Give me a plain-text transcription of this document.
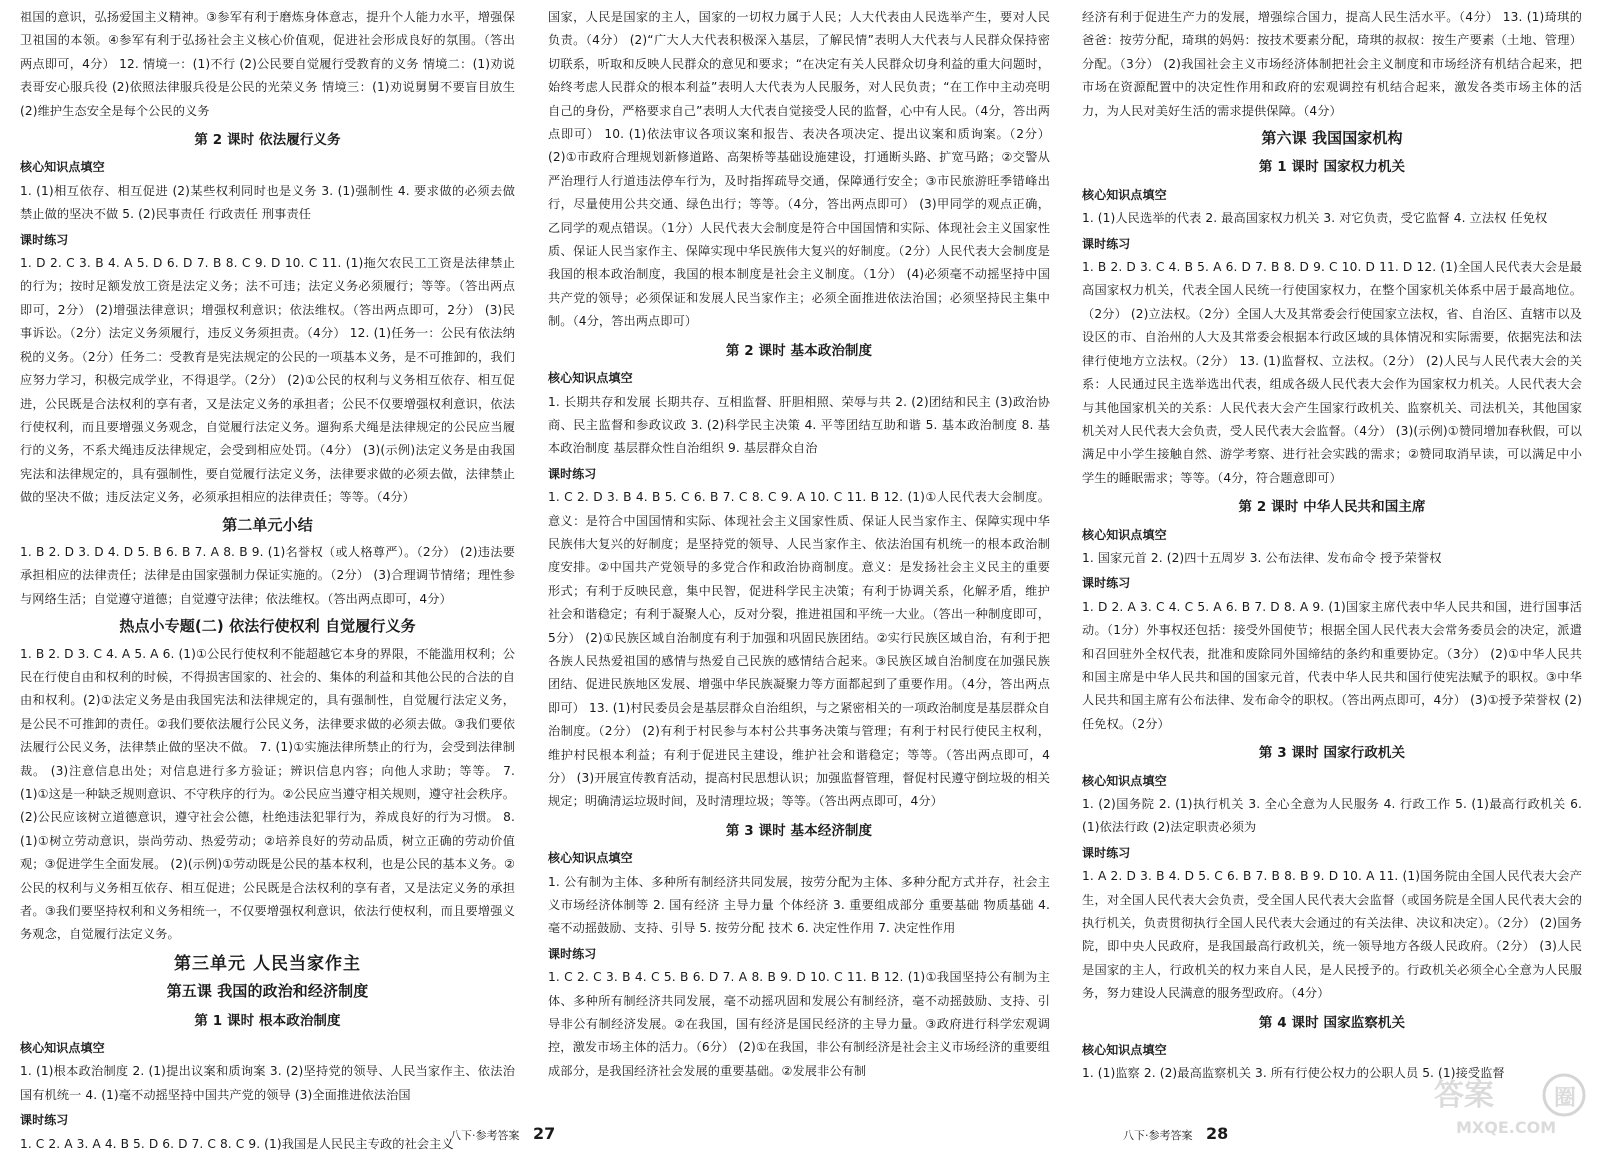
祖国的意识，弘扬爱国主义精神。③参军有利于磨炼身体意志，提升个人能力水平，增强保卫祖国的本领。④参军有利于弘扬社会主义核心价值观，促进社会形成良好的氛围。（答出两点即可，4分） 12. 情境一：(1)不行 (2)公民要自觉履行受教育的义务 情境二：(1)劝说表哥安心服兵役 (2)依照法律服兵役是公民的光荣义务 情境三：(1)劝说舅舅不要盲目放生 (2)维护生态安全是每个公民的义务
第 2 课时 依法履行义务
核心知识点填空
1. (1)相互依存、相互促进 (2)某些权利同时也是义务 3. (1)强制性 4. 要求做的必须去做 禁止做的坚决不做 5. (2)民事责任 行政责任 刑事责任
课时练习
1. D 2. C 3. B 4. A 5. D 6. D 7. B 8. C 9. D 10. C 11. (1)拖欠农民工工资是法律禁止的行为；按时足额发放工资是法定义务；法不可违；法定义务必须履行；等等。（答出两点即可，2分） (2)增强法律意识；增强权利意识；依法维权。（答出两点即可，2分） (3)民事诉讼。（2分）法定义务须履行，违反义务须担责。（4分） 12. (1)任务一：公民有依法纳税的义务。（2分）任务二：受教育是宪法规定的公民的一项基本义务，是不可推卸的，我们应努力学习，积极完成学业，不得退学。（2分） (2)①公民的权利与义务相互依存、相互促进，公民既是合法权利的享有者，又是法定义务的承担者；公民不仅要增强权利意识，依法行使权利，而且要增强义务观念，自觉履行法定义务。遛狗系犬绳是法律规定的公民应当履行的义务，不系犬绳违反法律规定，会受到相应处罚。（4分） (3)(示例)法定义务是由我国宪法和法律规定的，具有强制性，要自觉履行法定义务，法律要求做的必须去做，法律禁止做的坚决不做；违反法定义务，必须承担相应的法律责任；等等。（4分）
第二单元小结
1. B 2. D 3. D 4. D 5. B 6. B 7. A 8. B 9. (1)名誉权（或人格尊严）。（2分） (2)违法要承担相应的法律责任；法律是由国家强制力保证实施的。（2分） (3)合理调节情绪；理性参与网络生活；自觉遵守道德；自觉遵守法律；依法维权。（答出两点即可，4分）
热点小专题(二) 依法行使权利 自觉履行义务
1. B 2. D 3. C 4. A 5. A 6. (1)①公民行使权利不能超越它本身的界限，不能滥用权利；公民在行使自由和权利的时候，不得损害国家的、社会的、集体的利益和其他公民的合法的自由和权利。(2)①法定义务是由我国宪法和法律规定的，具有强制性，自觉履行法定义务，是公民不可推卸的责任。②我们要依法履行公民义务，法律要求做的必须去做。③我们要依法履行公民义务，法律禁止做的坚决不做。 7. (1)①实施法律所禁止的行为，会受到法律制裁。 (3)注意信息出处；对信息进行多方验证；辨识信息内容；向他人求助；等等。 7. (1)①这是一种缺乏规则意识、不守秩序的行为。②公民应当遵守相关规则，遵守社会秩序。 (2)公民应该树立道德意识，遵守社会公德，杜绝违法犯罪行为，养成良好的行为习惯。 8. (1)①树立劳动意识，崇尚劳动、热爱劳动；②培养良好的劳动品质，树立正确的劳动价值观；③促进学生全面发展。 (2)(示例)①劳动既是公民的基本权利，也是公民的基本义务。②公民的权利与义务相互依存、相互促进；公民既是合法权利的享有者，又是法定义务的承担者。③我们要坚持权利和义务相统一，不仅要增强权利意识，依法行使权利，而且要增强义务观念，自觉履行法定义务。
第三单元 人民当家作主
第五课 我国的政治和经济制度
第 1 课时 根本政治制度
核心知识点填空
1. (1)根本政治制度 2. (1)提出议案和质询案 3. (2)坚持党的领导、人民当家作主、依法治国有机统一 4. (1)毫不动摇坚持中国共产党的领导 (3)全面推进依法治国
课时练习
1. C 2. A 3. A 4. B 5. D 6. D 7. C 8. C 9. (1)我国是人民民主专政的社会主义
国家，人民是国家的主人，国家的一切权力属于人民；人大代表由人民选举产生，要对人民负责。（4分） (2)“广大人大代表积极深入基层，了解民情”表明人大代表与人民群众保持密切联系，听取和反映人民群众的意见和要求；“在决定有关人民群众切身利益的重大问题时，始终考虑人民群众的根本利益”表明人大代表为人民服务，对人民负责；“在工作中主动亮明自己的身份，严格要求自己”表明人大代表自觉接受人民的监督，心中有人民。（4分，答出两点即可） 10. (1)依法审议各项议案和报告、表决各项决定、提出议案和质询案。（2分） (2)①市政府合理规划新修道路、高架桥等基础设施建设，打通断头路、扩宽马路；②交警从严治理行人行道违法停车行为，及时指挥疏导交通，保障通行安全；③市民旅游旺季错峰出行，尽量使用公共交通、绿色出行；等等。（4分，答出两点即可） (3)甲同学的观点正确，乙同学的观点错误。（1分）人民代表大会制度是符合中国国情和实际、体现社会主义国家性质、保证人民当家作主、保障实现中华民族伟大复兴的好制度。（2分）人民代表大会制度是我国的根本政治制度，我国的根本制度是社会主义制度。（1分） (4)必须毫不动摇坚持中国共产党的领导；必须保证和发展人民当家作主；必须全面推进依法治国；必须坚持民主集中制。（4分，答出两点即可）
第 2 课时 基本政治制度
核心知识点填空
1. 长期共存和发展 长期共存、互相监督、肝胆相照、荣辱与共 2. (2)团结和民主 (3)政治协商、民主监督和参政议政 3. (2)科学民主决策 4. 平等团结互助和谐 5. 基本政治制度 8. 基本政治制度 基层群众性自治组织 9. 基层群众自治
课时练习
1. C 2. D 3. B 4. B 5. C 6. B 7. C 8. C 9. A 10. C 11. B 12. (1)①人民代表大会制度。意义：是符合中国国情和实际、体现社会主义国家性质、保证人民当家作主、保障实现中华民族伟大复兴的好制度；是坚持党的领导、人民当家作主、依法治国有机统一的根本政治制度安排。②中国共产党领导的多党合作和政治协商制度。意义：是发扬社会主义民主的重要形式；有利于反映民意，集中民智，促进科学民主决策；有利于协调关系，化解矛盾，维护社会和谐稳定；有利于凝聚人心，反对分裂，推进祖国和平统一大业。（答出一种制度即可，5分） (2)①民族区域自治制度有利于加强和巩固民族团结。②实行民族区域自治，有利于把各族人民热爱祖国的感情与热爱自己民族的感情结合起来。③民族区域自治制度在加强民族团结、促进民族地区发展、增强中华民族凝聚力等方面都起到了重要作用。（4分，答出两点即可） 13. (1)村民委员会是基层群众自治组织，与之紧密相关的一项政治制度是基层群众自治制度。（2分） (2)有利于村民参与本村公共事务决策与管理；有利于村民行使民主权利，维护村民根本利益；有利于促进民主建设，维护社会和谐稳定；等等。（答出两点即可，4分） (3)开展宣传教育活动，提高村民思想认识；加强监督管理，督促村民遵守倒垃圾的相关规定；明确清运垃圾时间，及时清理垃圾；等等。（答出两点即可，4分）
第 3 课时 基本经济制度
核心知识点填空
1. 公有制为主体、多种所有制经济共同发展，按劳分配为主体、多种分配方式并存，社会主义市场经济体制等 2. 国有经济 主导力量 个体经济 3. 重要组成部分 重要基础 物质基础 4. 毫不动摇鼓励、支持、引导 5. 按劳分配 技术 6. 决定性作用 7. 决定性作用
课时练习
1. C 2. C 3. B 4. C 5. B 6. D 7. A 8. B 9. D 10. C 11. B 12. (1)①我国坚持公有制为主体、多种所有制经济共同发展，毫不动摇巩固和发展公有制经济，毫不动摇鼓励、支持、引导非公有制经济发展。②在我国，国有经济是国民经济的主导力量。③政府进行科学宏观调控，激发市场主体的活力。（6分） (2)①在我国，非公有制经济是社会主义市场经济的重要组成部分，是我国经济社会发展的重要基础。②发展非公有制
经济有利于促进生产力的发展，增强综合国力，提高人民生活水平。（4分） 13. (1)琦琪的爸爸：按劳分配，琦琪的妈妈：按技术要素分配，琦琪的叔叔：按生产要素（土地、管理）分配。（3分） (2)我国社会主义市场经济体制把社会主义制度和市场经济有机结合起来，把市场在资源配置中的决定性作用和政府的宏观调控有机结合起来，激发各类市场主体的活力，为人民对美好生活的需求提供保障。（4分）
第六课 我国国家机构
第 1 课时 国家权力机关
核心知识点填空
1. (1)人民选举的代表 2. 最高国家权力机关 3. 对它负责，受它监督 4. 立法权 任免权
课时练习
1. B 2. D 3. C 4. B 5. A 6. D 7. B 8. D 9. C 10. D 11. D 12. (1)全国人民代表大会是最高国家权力机关，代表全国人民统一行使国家权力，在整个国家机关体系中居于最高地位。（2分） (2)立法权。（2分）全国人大及其常委会行使国家立法权，省、自治区、直辖市以及设区的市、自治州的人大及其常委会根据本行政区域的具体情况和实际需要，依据宪法和法律行使地方立法权。（2分） 13. (1)监督权、立法权。（2分） (2)人民与人民代表大会的关系：人民通过民主选举选出代表，组成各级人民代表大会作为国家权力机关。人民代表大会与其他国家机关的关系：人民代表大会产生国家行政机关、监察机关、司法机关，其他国家机关对人民代表大会负责，受人民代表大会监督。（4分） (3)(示例)①赞同增加春秋假，可以满足中小学生接触自然、游学考察、进行社会实践的需求；②赞同取消早读，可以满足中小学生的睡眠需求；等等。（4分，符合题意即可）
第 2 课时 中华人民共和国主席
核心知识点填空
1. 国家元首 2. (2)四十五周岁 3. 公布法律、发布命令 授予荣誉权
课时练习
1. D 2. A 3. C 4. C 5. A 6. B 7. D 8. A 9. (1)国家主席代表中华人民共和国，进行国事活动。（1分）外事权还包括：接受外国使节；根据全国人民代表大会常务委员会的决定，派遣和召回驻外全权代表，批准和废除同外国缔结的条约和重要协定。（3分） (2)①中华人民共和国主席是中华人民共和国的国家元首，代表中华人民共和国行使宪法赋予的职权。③中华人民共和国主席有公布法律、发布命令的职权。（答出两点即可，4分） (3)①授予荣誉权 (2)任免权。（2分）
第 3 课时 国家行政机关
核心知识点填空
1. (2)国务院 2. (1)执行机关 3. 全心全意为人民服务 4. 行政工作 5. (1)最高行政机关 6. (1)依法行政 (2)法定职责必须为
课时练习
1. A 2. D 3. B 4. D 5. C 6. B 7. B 8. B 9. D 10. A 11. (1)国务院由全国人民代表大会产生，对全国人民代表大会负责，受全国人民代表大会监督（或国务院是全国人民代表大会的执行机关，负责贯彻执行全国人民代表大会通过的有关法律、决议和决定）。（2分） (2)国务院，即中央人民政府，是我国最高行政机关，统一领导地方各级人民政府。（2分） (3)人民是国家的主人，行政机关的权力来自人民，是人民授予的。行政机关必须全心全意为人民服务，努力建设人民满意的服务型政府。（4分）
第 4 课时 国家监察机关
核心知识点填空
1. (1)监察 2. (2)最高监察机关 3. 所有行使公权力的公职人员 5. (1)接受监督
八下·参考答案 27	八下·参考答案 28
答案	圈
MXQE.COM
